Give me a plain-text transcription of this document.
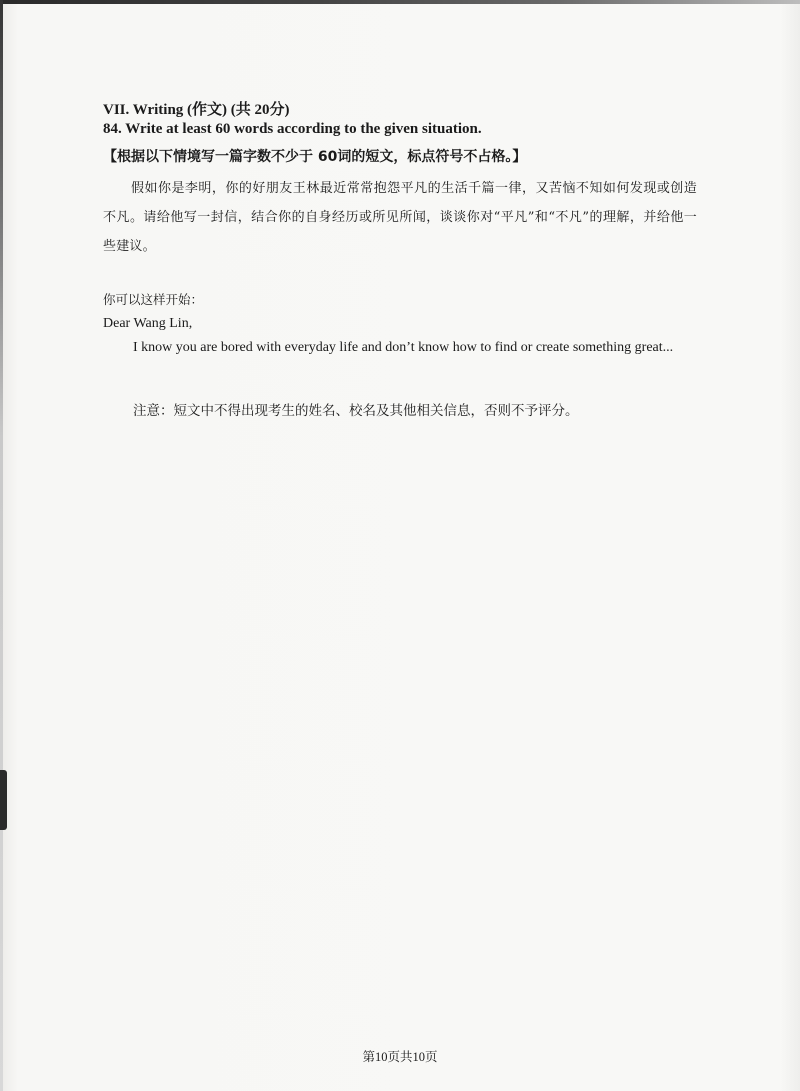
VII. Writing (作文) (共 20分)
84. Write at least 60 words according to the given situation.
【根据以下情境写一篇字数不少于 60词的短文，标点符号不占格。】
假如你是李明，你的好朋友王林最近常常抱怨平凡的生活千篇一律，又苦恼不知如何发现或创造不凡。请给他写一封信，结合你的自身经历或所见所闻，谈谈你对“平凡”和“不凡”的理解，并给他一些建议。
你可以这样开始：
Dear Wang Lin,
I know you are bored with everyday life and don’t know how to find or create something great...
注意：短文中不得出现考生的姓名、校名及其他相关信息，否则不予评分。
第10页共10页
